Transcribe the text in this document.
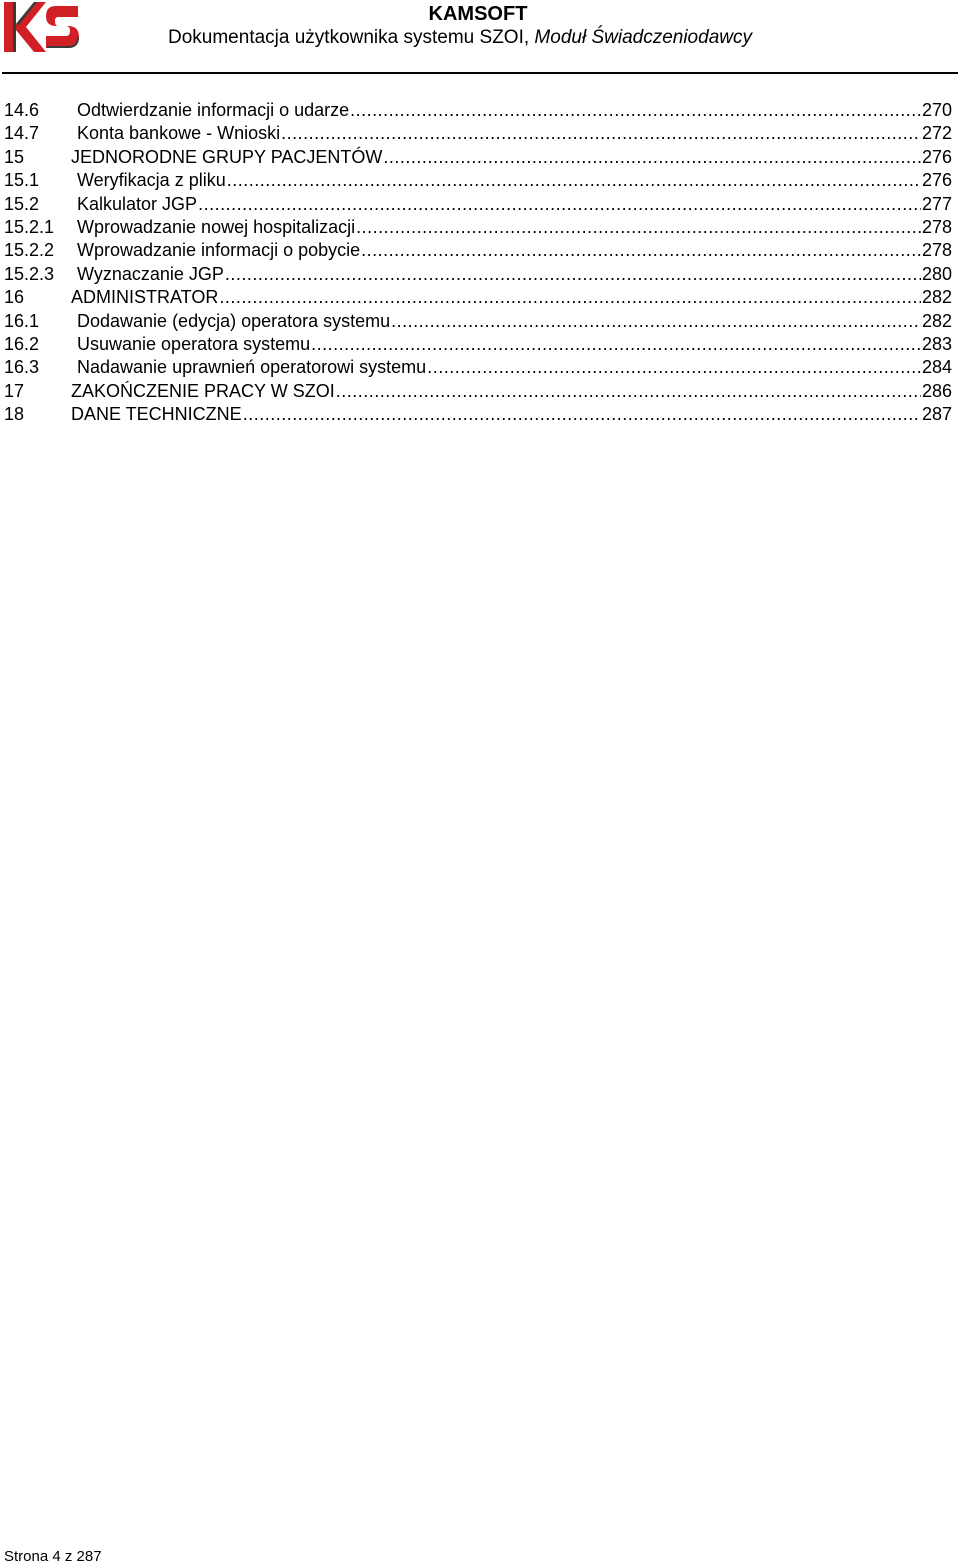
KAMSOFT
Dokumentacja użytkownika systemu SZOI, Moduł Świadczeniodawcy
14.6	Odtwierdzanie informacji o udarze .....	270
14.7	Konta bankowe - Wnioski .....	272
15	JEDNORODNE GRUPY PACJENTÓW .....	276
15.1	Weryfikacja z pliku .....	276
15.2	Kalkulator JGP .....	277
15.2.1	Wprowadzanie nowej hospitalizacji .....	278
15.2.2	Wprowadzanie informacji o pobycie .....	278
15.2.3	Wyznaczanie JGP .....	280
16	ADMINISTRATOR .....	282
16.1	Dodawanie (edycja) operatora systemu .....	282
16.2	Usuwanie operatora systemu .....	283
16.3	Nadawanie uprawnień operatorowi systemu .....	284
17	ZAKOŃCZENIE PRACY W SZOI .....	286
18	DANE TECHNICZNE .....	287
Strona 4 z 287
